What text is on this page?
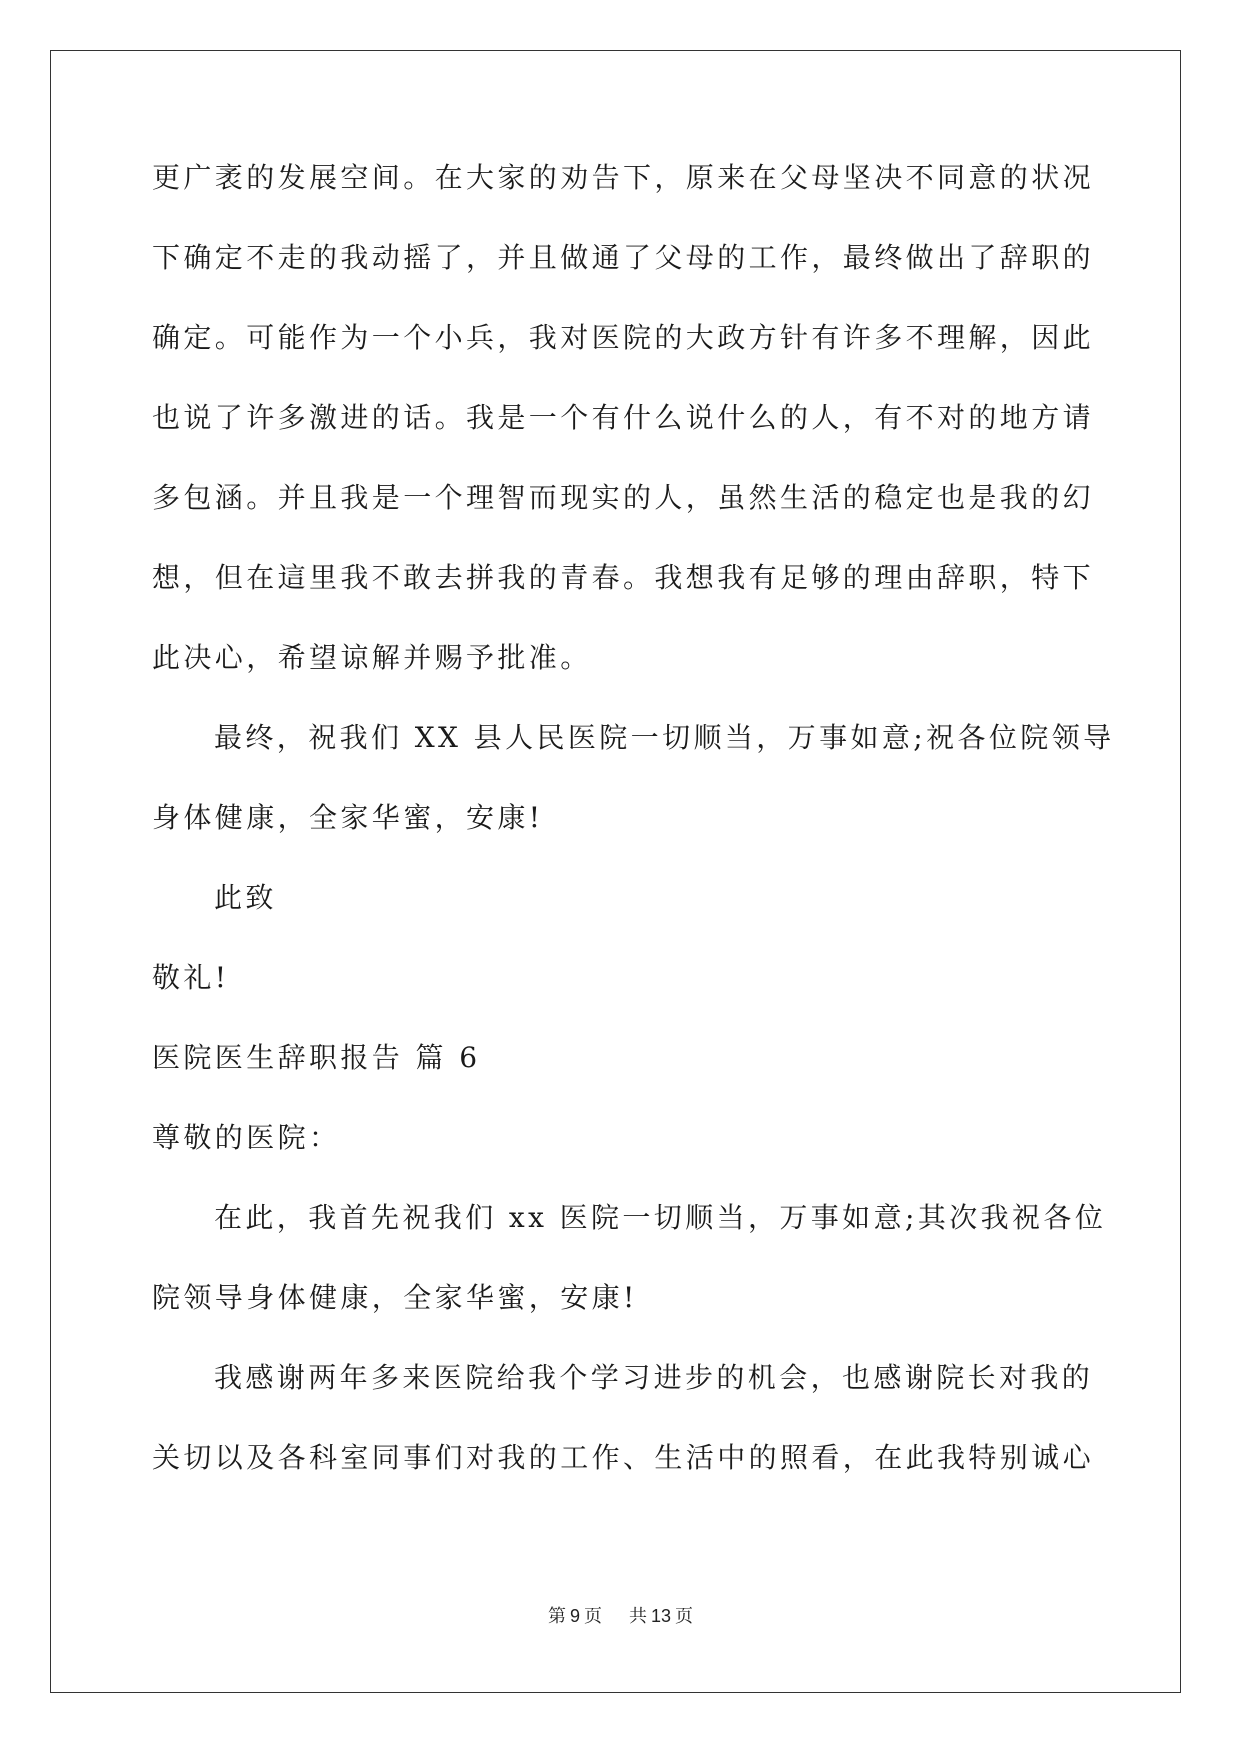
更广袤的发展空间。在大家的劝告下，原来在父母坚决不同意的状况
下确定不走的我动摇了，并且做通了父母的工作，最终做出了辞职的
确定。可能作为一个小兵，我对医院的大政方针有许多不理解，因此
也说了许多激进的话。我是一个有什么说什么的人，有不对的地方请
多包涵。并且我是一个理智而现实的人，虽然生活的稳定也是我的幻
想，但在這里我不敢去拼我的青春。我想我有足够的理由辞职，特下
此决心，希望谅解并赐予批准。
最终，祝我们 XX 县人民医院一切顺当，万事如意;祝各位院领导
身体健康，全家华蜜，安康!
此致
敬礼!
医院医生辞职报告 篇 6
尊敬的医院：
在此，我首先祝我们 xx 医院一切顺当，万事如意;其次我祝各位
院领导身体健康，全家华蜜，安康!
我感谢两年多来医院给我个学习进步的机会，也感谢院长对我的
关切以及各科室同事们对我的工作、生活中的照看，在此我特别诚心
第 9 页 共 13 页
